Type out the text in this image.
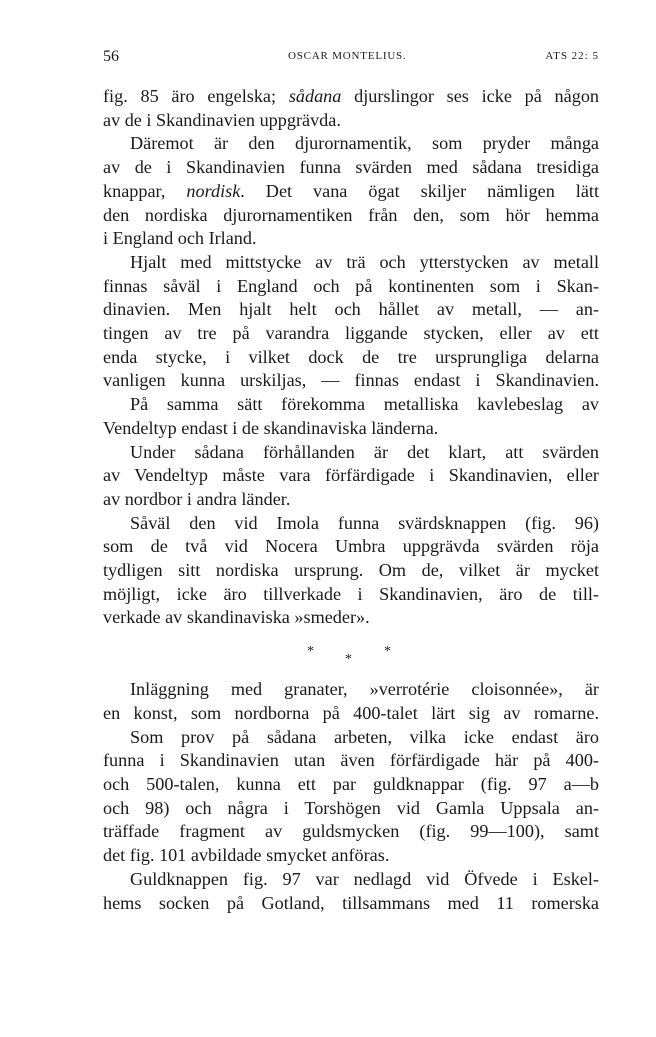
56	OSCAR MONTELIUS.	ATS 22: 5
fig. 85 äro engelska; sådana djurslingor ses icke på någon
av de i Skandinavien uppgrävda.
Däremot är den djurornamentik, som pryder många
av de i Skandinavien funna svärden med sådana tresidiga
knappar, nordisk. Det vana ögat skiljer nämligen lätt
den nordiska djurornamentiken från den, som hör hemma
i England och Irland.
Hjalt med mittstycke av trä och ytterstycken av metall
finnas såväl i England och på kontinenten som i Skan-
dinavien. Men hjalt helt och hållet av metall, — an-
tingen av tre på varandra liggande stycken, eller av ett
enda stycke, i vilket dock de tre ursprungliga delarna
vanligen kunna urskiljas, — finnas endast i Skandinavien.
På samma sätt förekomma metalliska kavlebeslag av
Vendeltyp endast i de skandinaviska länderna.
Under sådana förhållanden är det klart, att svärden
av Vendeltyp måste vara förfärdigade i Skandinavien, eller
av nordbor i andra länder.
Såväl den vid Imola funna svärdsknappen (fig. 96)
som de två vid Nocera Umbra uppgrävda svärden röja
tydligen sitt nordiska ursprung. Om de, vilket är mycket
möjligt, icke äro tillverkade i Skandinavien, äro de till-
verkade av skandinaviska »smeder».
*
*
*
Inläggning med granater, »verrotérie cloisonnée», är
en konst, som nordborna på 400-talet lärt sig av romarne.
Som prov på sådana arbeten, vilka icke endast äro
funna i Skandinavien utan även förfärdigade här på 400-
och 500-talen, kunna ett par guldknappar (fig. 97 a—b
och 98) och några i Torshögen vid Gamla Uppsala an-
träffade fragment av guldsmycken (fig. 99—100), samt
det fig. 101 avbildade smycket anföras.
Guldknappen fig. 97 var nedlagd vid Öfvede i Eskel-
hems socken på Gotland, tillsammans med 11 romerska
